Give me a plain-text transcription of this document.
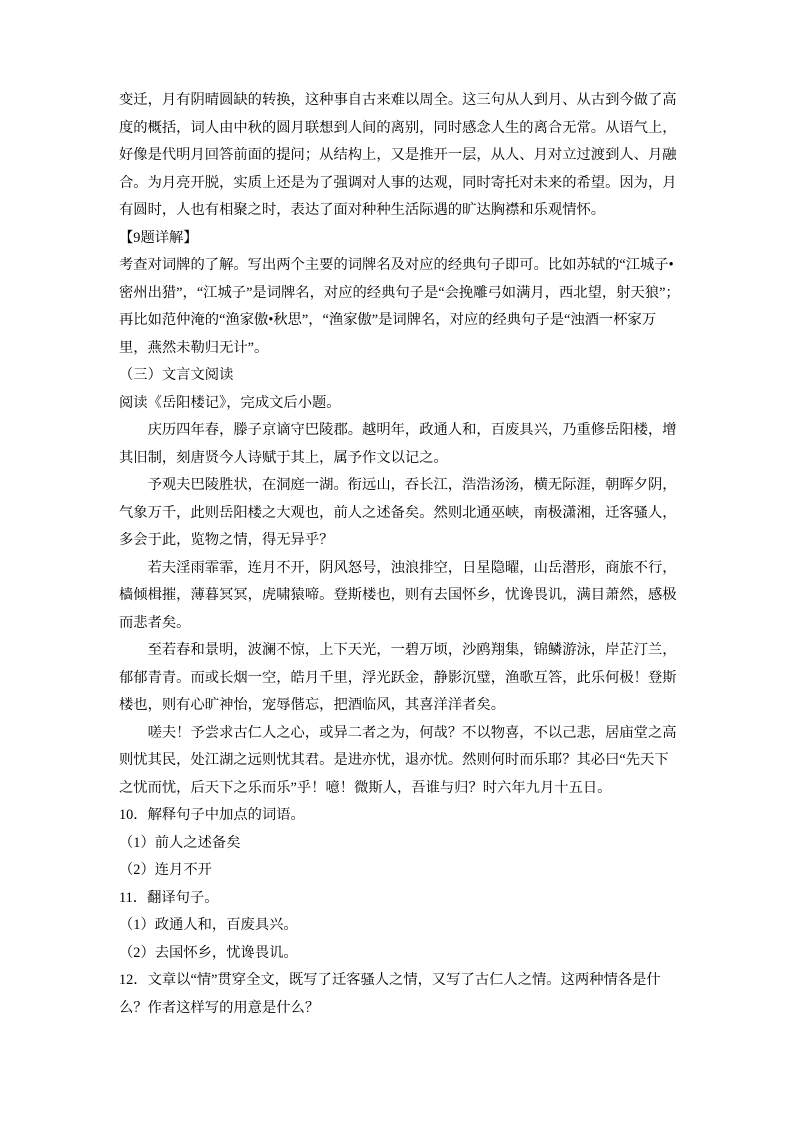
变迁，月有阴晴圆缺的转换，这种事自古来难以周全。这三句从人到月、从古到今做了高
度的概括，词人由中秋的圆月联想到人间的离别，同时感念人生的离合无常。从语气上，
好像是代明月回答前面的提问；从结构上，又是推开一层，从人、月对立过渡到人、月融
合。为月亮开脱，实质上还是为了强调对人事的达观，同时寄托对未来的希望。因为，月
有圆时，人也有相聚之时，表达了面对种种生活际遇的旷达胸襟和乐观情怀。
【9题详解】
考查对词牌的了解。写出两个主要的词牌名及对应的经典句子即可。比如苏轼的“江城子•
密州出猎”，“江城子”是词牌名，对应的经典句子是“会挽雕弓如满月，西北望，射天狼”；
再比如范仲淹的“渔家傲•秋思”，“渔家傲”是词牌名，对应的经典句子是“浊酒一杯家万
里，燕然未勒归无计”。
（三）文言文阅读
阅读《岳阳楼记》，完成文后小题。
庆历四年春，滕子京谪守巴陵郡。越明年，政通人和，百废具兴，乃重修岳阳楼，增
其旧制，刻唐贤今人诗赋于其上，属予作文以记之。
予观夫巴陵胜状，在洞庭一湖。衔远山，吞长江，浩浩汤汤，横无际涯，朝晖夕阴，
气象万千，此则岳阳楼之大观也，前人之述备矣。然则北通巫峡，南极潇湘，迁客骚人，
多会于此，览物之情，得无异乎？
若夫淫雨霏霏，连月不开，阴风怒号，浊浪排空，日星隐曜，山岳潜形，商旅不行，
樯倾楫摧，薄暮冥冥，虎啸猿啼。登斯楼也，则有去国怀乡，忧谗畏讥，满目萧然，感极
而悲者矣。
至若春和景明，波澜不惊，上下天光，一碧万顷，沙鸥翔集，锦鳞游泳，岸芷汀兰，
郁郁青青。而或长烟一空，皓月千里，浮光跃金，静影沉璧，渔歌互答，此乐何极！登斯
楼也，则有心旷神怡，宠辱偕忘，把酒临风，其喜洋洋者矣。
嗟夫！予尝求古仁人之心，或异二者之为，何哉？不以物喜，不以己悲，居庙堂之高
则忧其民，处江湖之远则忧其君。是进亦忧，退亦忧。然则何时而乐耶？其必曰“先天下
之忧而忧，后天下之乐而乐”乎！噫！微斯人，吾谁与归？时六年九月十五日。
10．解释句子中加点的词语。
（1）前人之述备矣
（2）连月不开
11．翻译句子。
（1）政通人和，百废具兴。
（2）去国怀乡，忧谗畏讥。
12．文章以“情”贯穿全文，既写了迁客骚人之情，又写了古仁人之情。这两种情各是什
么？作者这样写的用意是什么？
